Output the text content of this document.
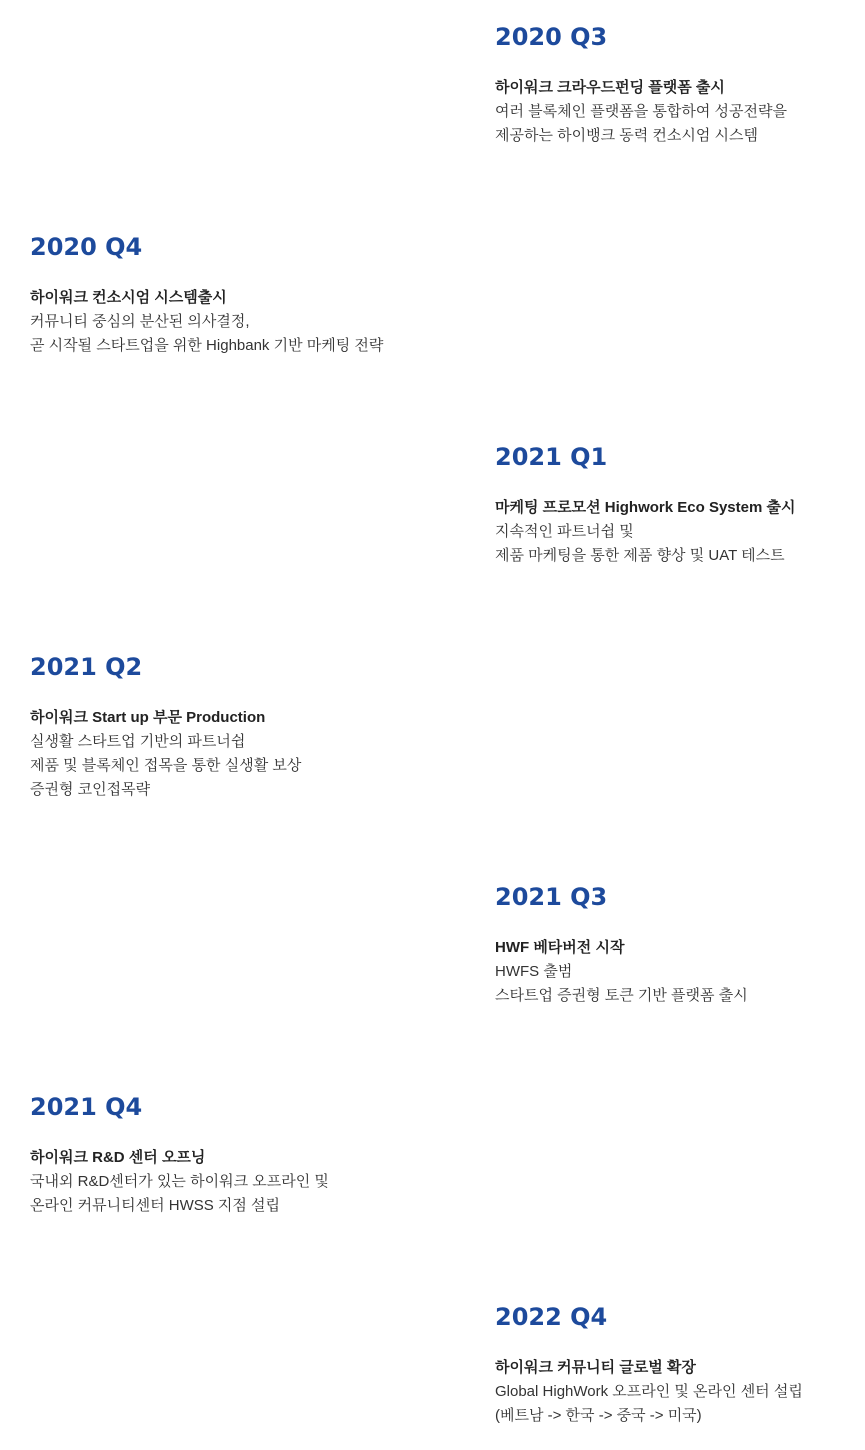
2020 Q3
하이워크 크라우드펀딩 플랫폼 출시
여러 블록체인 플랫폼을 통합하여 성공전략을
제공하는 하이뱅크 동력 컨소시엄 시스템
2020 Q4
하이워크 컨소시엄 시스템출시
커뮤니티 중심의 분산된 의사결정,
곧 시작될 스타트업을 위한 Highbank 기반 마케팅 전략
2021 Q1
마케팅 프로모션 Highwork Eco System 출시
지속적인 파트너쉽 및
제품 마케팅을 통한 제품 향상 및 UAT 테스트
2021 Q2
하이워크 Start up 부문 Production
실생활 스타트업 기반의 파트너쉽
제품 및 블록체인 접목을 통한 실생활 보상
증권형 코인접목략
2021 Q3
HWF 베타버전 시작
HWFS 출범
스타트업 증권형 토큰 기반 플랫폼 출시
2021 Q4
하이워크 R&D 센터 오프닝
국내외 R&D센터가 있는 하이워크 오프라인 및
온라인 커뮤니티센터 HWSS 지점 설립
2022 Q4
하이워크 커뮤니티 글로벌 확장
Global HighWork 오프라인 및 온라인 센터 설립
(베트남 -> 한국 -> 중국 -> 미국)
